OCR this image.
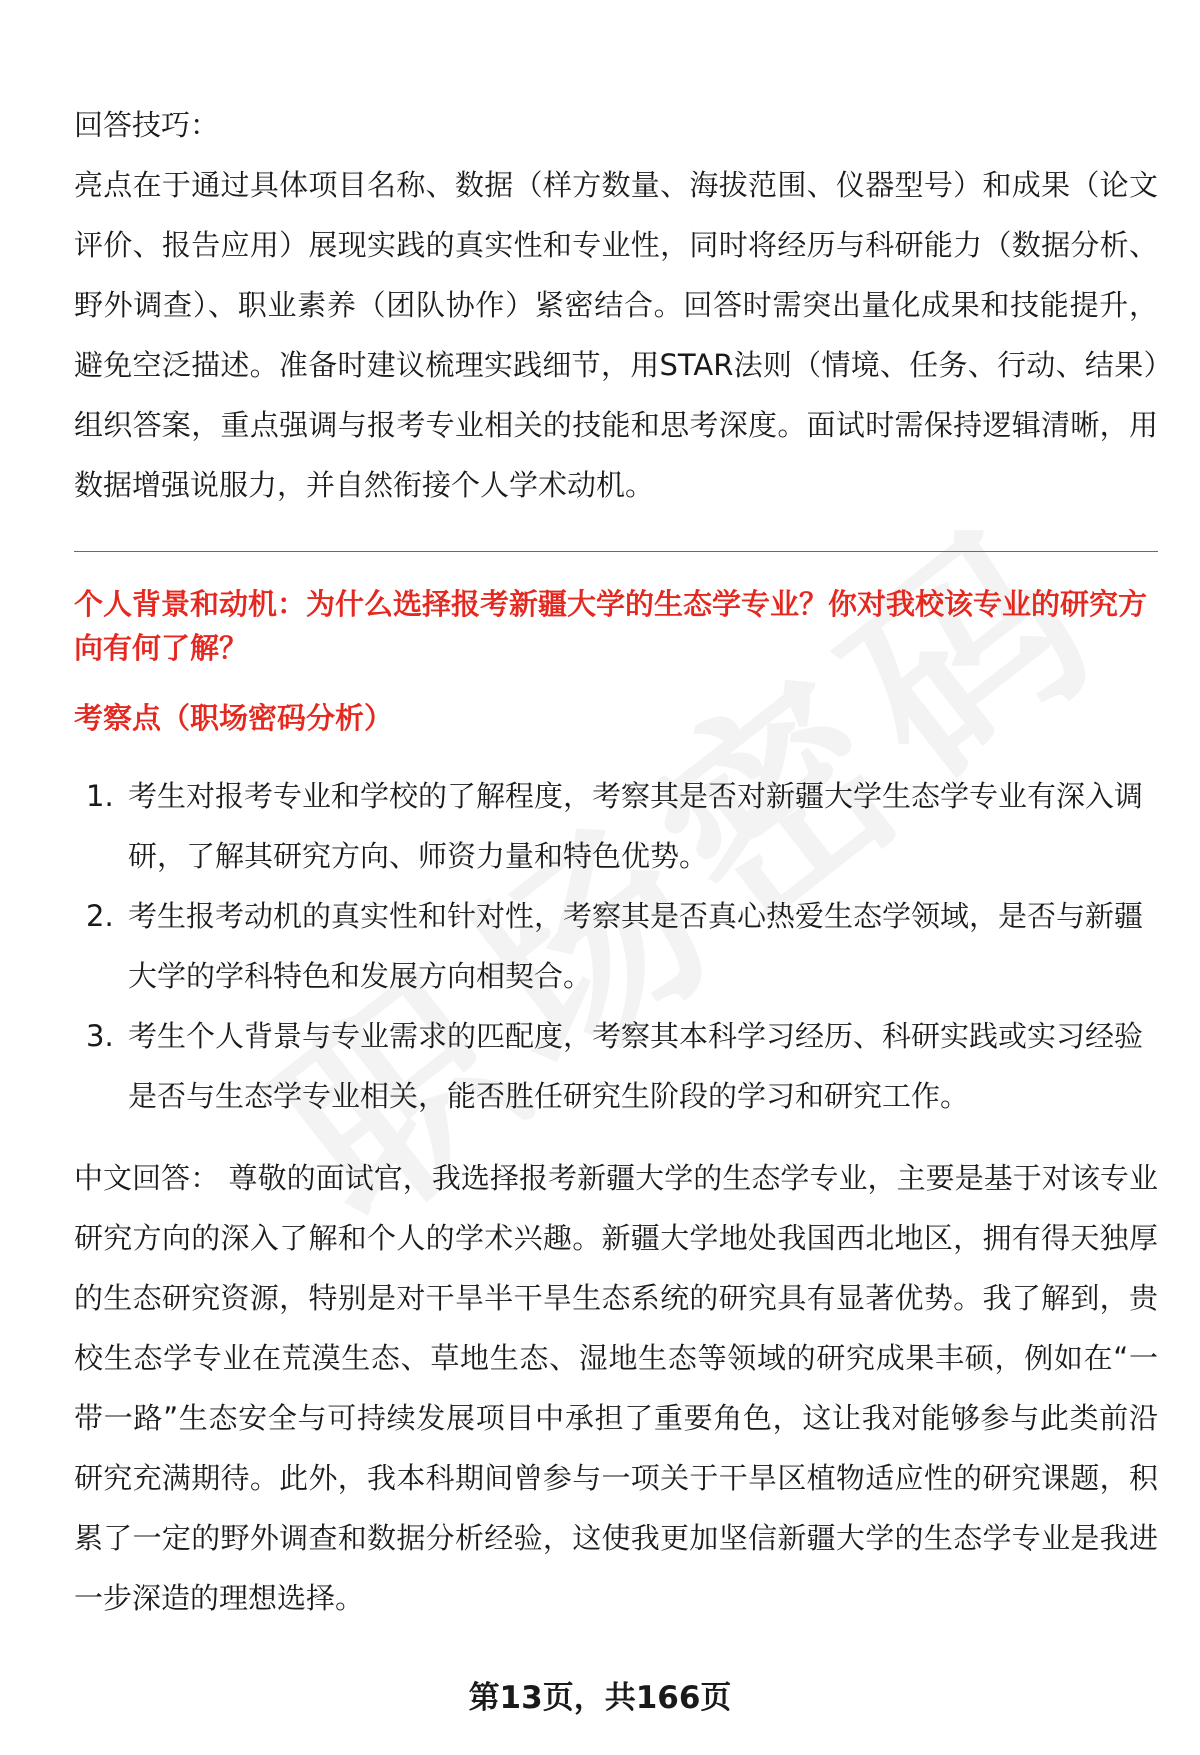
回答技巧：

亮点在于通过具体项目名称、数据（样方数量、海拔范围、仪器型号）和成果（论文评价、报告应用）展现实践的真实性和专业性，同时将经历与科研能力（数据分析、野外调查）、职业素养（团队协作）紧密结合。回答时需突出量化成果和技能提升，避免空泛描述。准备时建议梳理实践细节，用STAR法则（情境、任务、行动、结果）组织答案，重点强调与报考专业相关的技能和思考深度。面试时需保持逻辑清晰，用数据增强说服力，并自然衔接个人学术动机。

个人背景和动机：为什么选择报考新疆大学的生态学专业？你对我校该专业的研究方向有何了解？

考察点（职场密码分析）

1. 考生对报考专业和学校的了解程度，考察其是否对新疆大学生态学专业有深入调研，了解其研究方向、师资力量和特色优势。
2. 考生报考动机的真实性和针对性，考察其是否真心热爱生态学领域，是否与新疆大学的学科特色和发展方向相契合。
3. 考生个人背景与专业需求的匹配度，考察其本科学习经历、科研实践或实习经验是否与生态学专业相关，能否胜任研究生阶段的学习和研究工作。

中文回答： 尊敬的面试官，我选择报考新疆大学的生态学专业，主要是基于对该专业研究方向的深入了解和个人的学术兴趣。新疆大学地处我国西北地区，拥有得天独厚的生态研究资源，特别是对干旱半干旱生态系统的研究具有显著优势。我了解到，贵校生态学专业在荒漠生态、草地生态、湿地生态等领域的研究成果丰硕，例如在“一带一路”生态安全与可持续发展项目中承担了重要角色，这让我对能够参与此类前沿研究充满期待。此外，我本科期间曾参与一项关于干旱区植物适应性的研究课题，积累了一定的野外调查和数据分析经验，这使我更加坚信新疆大学的生态学专业是我进一步深造的理想选择。

第13页，共166页
